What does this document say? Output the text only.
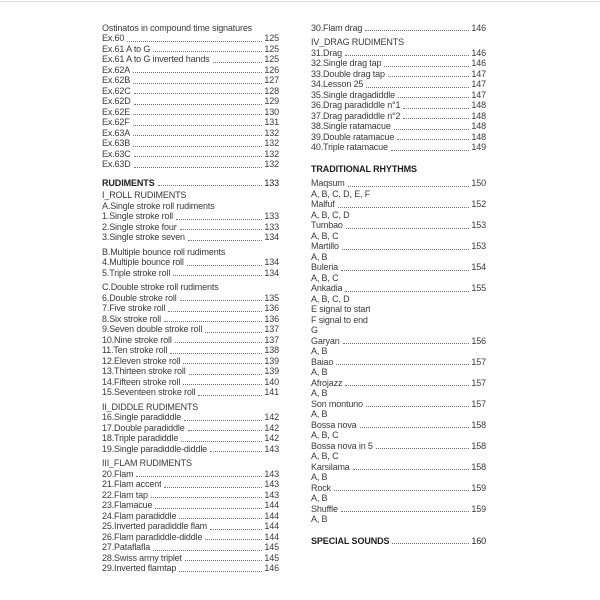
Ostinatos in compound time signatures
Ex.60	125
Ex.61 A to G	125
Ex.61 A to G inverted hands	125
Ex.62A	126
Ex.62B	127
Ex.62C	128
Ex.62D	129
Ex.62E	130
Ex.62F	131
Ex.63A	132
Ex.63B	132
Ex.63C	132
Ex.63D	132
RUDIMENTS	133
I_ROLL RUDIMENTS
A.Single stroke roll rudiments
1.Single stroke roll	133
2.Single stroke four	133
3.Single stroke seven	134
B.Multiple bounce roll rudiments
4.Multiple bounce roll	134
5.Triple stroke roll	134
C.Double stroke roll rudiments
6.Double stroke roll	135
7.Five stroke roll	136
8.Six stroke roll	136
9.Seven double stroke roll	137
10.Nine stroke roll	137
11.Ten stroke roll	138
12.Eleven stroke roll	139
13.Thirteen stroke roll	139
14.Fifteen stroke roll	140
15.Seventeen stroke roll	141
II_DIDDLE RUDIMENTS
16.Single paradiddle	142
17.Double paradiddle	142
18.Triple paradiddle	142
19.Single paradiddle-diddle	143
III_FLAM RUDIMENTS
20.Flam	143
21.Flam accent	143
22.Flam tap	143
23.Flamacue	144
24.Flam paradiddle	144
25.Inverted paradiddle flam	144
26.Flam paradiddle-diddle	144
27.Pataflafla	145
28.Swiss army triplet	145
29.Inverted flamtap	146
30.Flam drag	146
IV_DRAG RUDIMENTS
31.Drag	146
32.Single drag tap	146
33.Double drag tap	147
34.Lesson 25	147
35.Single dragadiddle	147
36.Drag paradiddle n°1	148
37.Drag paradiddle n°2	148
38.Single ratamacue	148
39.Double ratamacue	148
40.Triple ratamacue	149
TRADITIONAL RHYTHMS
Maqsum	150
A, B, C, D, E, F
Malfuf	152
A, B, C, D
Tumbao	153
A, B, C
Martillo	153
A, B
Buleria	154
A, B, C
Ankadia	155
A, B, C, D
E signal to start
F signal to end
G
Garyan	156
A, B
Baiao	157
A, B
Afrojazz	157
A, B
Son montuno	157
A, B
Bossa nova	158
A, B, C
Bossa nova in 5	158
A, B, C
Karsilama	158
A, B
Rock	159
A, B
Shuffle	159
A, B
SPECIAL SOUNDS	160
